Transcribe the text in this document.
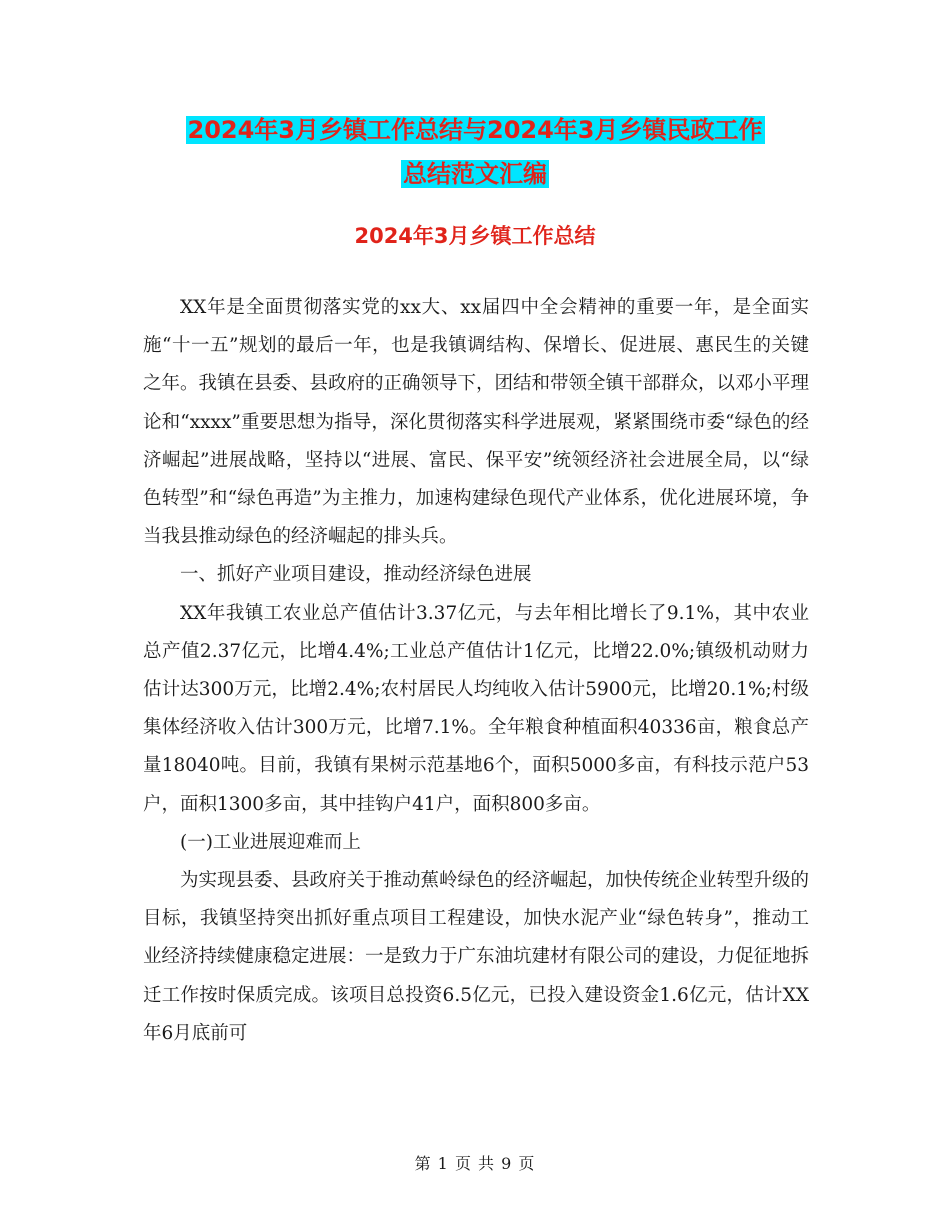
2024年3月乡镇工作总结与2024年3月乡镇民政工作
总结范文汇编
2024年3月乡镇工作总结

XX年是全面贯彻落实党的xx大、xx届四中全会精神的重要一年，是全面实施“十一五”规划的最后一年，也是我镇调结构、保增长、促进展、惠民生的关键之年。我镇在县委、县政府的正确领导下，团结和带领全镇干部群众，以邓小平理论和“xxxx”重要思想为指导，深化贯彻落实科学进展观，紧紧围绕市委“绿色的经济崛起”进展战略，坚持以“进展、富民、保平安”统领经济社会进展全局，以“绿色转型”和“绿色再造”为主推力，加速构建绿色现代产业体系，优化进展环境，争当我县推动绿色的经济崛起的排头兵。

一、抓好产业项目建设，推动经济绿色进展

XX年我镇工农业总产值估计3.37亿元，与去年相比增长了9.1%，其中农业总产值2.37亿元，比增4.4%;工业总产值估计1亿元，比增22.0%;镇级机动财力估计达300万元，比增2.4%;农村居民人均纯收入估计5900元，比增20.1%;村级集体经济收入估计300万元，比增7.1%。全年粮食种植面积40336亩，粮食总产量18040吨。目前，我镇有果树示范基地6个，面积5000多亩，有科技示范户53户，面积1300多亩，其中挂钩户41户，面积800多亩。

(一)工业进展迎难而上

为实现县委、县政府关于推动蕉岭绿色的经济崛起，加快传统企业转型升级的目标，我镇坚持突出抓好重点项目工程建设，加快水泥产业“绿色转身”，推动工业经济持续健康稳定进展：一是致力于广东油坑建材有限公司的建设，力促征地拆迁工作按时保质完成。该项目总投资6.5亿元，已投入建设资金1.6亿元，估计XX年6月底前可

第 1 页 共 9 页
